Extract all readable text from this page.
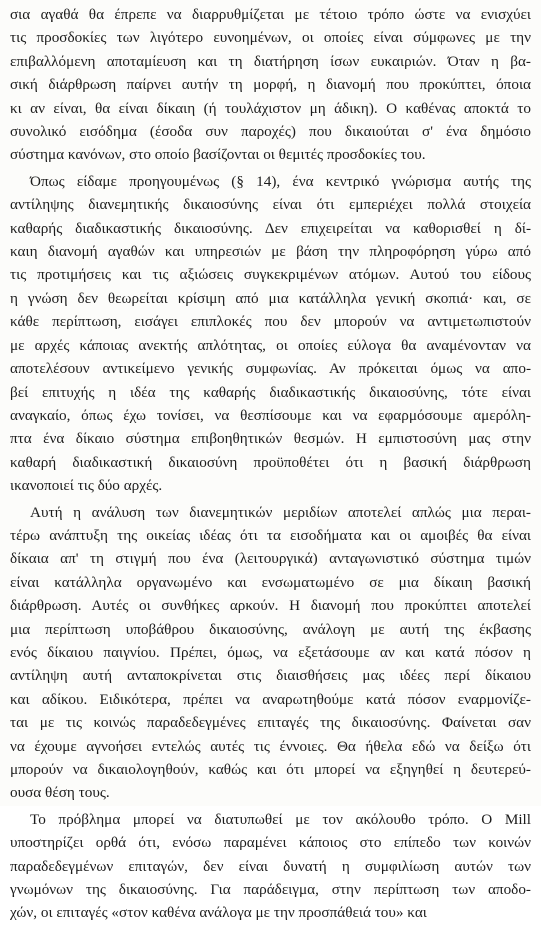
σια αγαθά θα έπρεπε να διαρρυθμίζεται με τέτοιο τρόπο ώστε να ενισχύει
τις προσδοκίες των λιγότερο ευνοημένων, οι οποίες είναι σύμφωνες με την
επιβαλλόμενη αποταμίευση και τη διατήρηση ίσων ευκαιριών. Όταν η βα-
σική διάρθρωση παίρνει αυτήν τη μορφή, η διανομή που προκύπτει, όποια
κι αν είναι, θα είναι δίκαιη (ή τουλάχιστον μη άδικη). Ο καθένας αποκτά το
συνολικό εισόδημα (έσοδα συν παροχές) που δικαιούται σ' ένα δημόσιο
σύστημα κανόνων, στο οποίο βασίζονται οι θεμιτές προσδοκίες του.

Όπως είδαμε προηγουμένως (§ 14), ένα κεντρικό γνώρισμα αυτής της
αντίληψης διανεμητικής δικαιοσύνης είναι ότι εμπεριέχει πολλά στοιχεία
καθαρής διαδικαστικής δικαιοσύνης. Δεν επιχειρείται να καθορισθεί η δί-
καιη διανομή αγαθών και υπηρεσιών με βάση την πληροφόρηση γύρω από
τις προτιμήσεις και τις αξιώσεις συγκεκριμένων ατόμων. Αυτού του είδους
η γνώση δεν θεωρείται κρίσιμη από μια κατάλληλα γενική σκοπιά· και, σε
κάθε περίπτωση, εισάγει επιπλοκές που δεν μπορούν να αντιμετωπιστούν
με αρχές κάποιας ανεκτής απλότητας, οι οποίες εύλογα θα αναμένονταν να
αποτελέσουν αντικείμενο γενικής συμφωνίας. Αν πρόκειται όμως να απο-
βεί επιτυχής η ιδέα της καθαρής διαδικαστικής δικαιοσύνης, τότε είναι
αναγκαίο, όπως έχω τονίσει, να θεσπίσουμε και να εφαρμόσουμε αμερόλη-
πτα ένα δίκαιο σύστημα επιβοηθητικών θεσμών. Η εμπιστοσύνη μας στην
καθαρή διαδικαστική δικαιοσύνη προϋποθέτει ότι η βασική διάρθρωση
ικανοποιεί τις δύο αρχές.

Αυτή η ανάλυση των διανεμητικών μεριδίων αποτελεί απλώς μια περαι-
τέρω ανάπτυξη της οικείας ιδέας ότι τα εισοδήματα και οι αμοιβές θα είναι
δίκαια απ' τη στιγμή που ένα (λειτουργικά) ανταγωνιστικό σύστημα τιμών
είναι κατάλληλα οργανωμένο και ενσωματωμένο σε μια δίκαιη βασική
διάρθρωση. Αυτές οι συνθήκες αρκούν. Η διανομή που προκύπτει αποτελεί
μια περίπτωση υποβάθρου δικαιοσύνης, ανάλογη με αυτή της έκβασης
ενός δίκαιου παιγνίου. Πρέπει, όμως, να εξετάσουμε αν και κατά πόσον η
αντίληψη αυτή ανταποκρίνεται στις διαισθήσεις μας ιδέες περί δίκαιου
και αδίκου. Ειδικότερα, πρέπει να αναρωτηθούμε κατά πόσον εναρμονίζε-
ται με τις κοινώς παραδεδεγμένες επιταγές της δικαιοσύνης. Φαίνεται σαν
να έχουμε αγνοήσει εντελώς αυτές τις έννοιες. Θα ήθελα εδώ να δείξω ότι
μπορούν να δικαιολογηθούν, καθώς και ότι μπορεί να εξηγηθεί η δευτερεύ-
ουσα θέση τους.

Το πρόβλημα μπορεί να διατυπωθεί με τον ακόλουθο τρόπο. Ο Mill
υποστηρίζει ορθά ότι, ενόσω παραμένει κάποιος στο επίπεδο των κοινών
παραδεδεγμένων επιταγών, δεν είναι δυνατή η συμφιλίωση αυτών των
γνωμόνων της δικαιοσύνης. Για παράδειγμα, στην περίπτωση των αποδο-
χών, οι επιταγές «στον καθένα ανάλογα με την προσπάθειά του» και
